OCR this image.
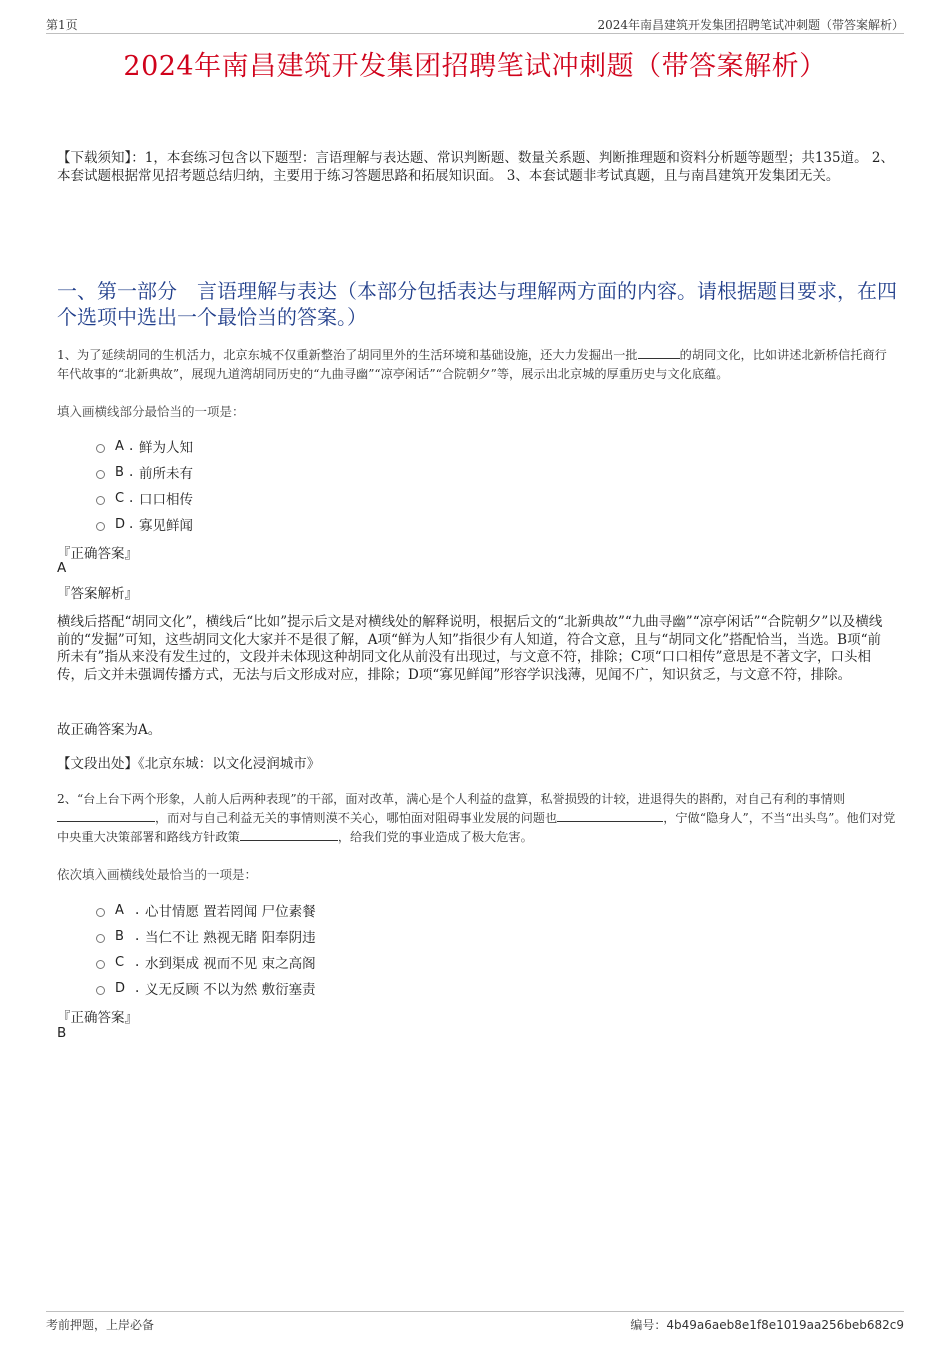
第1页	2024年南昌建筑开发集团招聘笔试冲刺题（带答案解析）
2024年南昌建筑开发集团招聘笔试冲刺题（带答案解析）
【下载须知】：1，本套练习包含以下题型：言语理解与表达题、常识判断题、数量关系题、判断推理题和资料分析题等题型；共135道。 2、本套试题根据常见招考题总结归纳，主要用于练习答题思路和拓展知识面。 3、本套试题非考试真题，且与南昌建筑开发集团无关。
一、第一部分　言语理解与表达（本部分包括表达与理解两方面的内容。请根据题目要求，在四个选项中选出一个最恰当的答案。）
1、为了延续胡同的生机活力，北京东城不仅重新整治了胡同里外的生活环境和基础设施，还大力发掘出一批	的胡同文化，比如讲述北新桥信托商行年代故事的“北新典故”，展现九道湾胡同历史的“九曲寻幽”“凉亭闲话”“合院朝夕”等，展示出北京城的厚重历史与文化底蕴。
填入画横线部分最恰当的一项是：
A . 鲜为人知
B . 前所未有
C . 口口相传
D . 寡见鲜闻
『正确答案』
A
『答案解析』
横线后搭配“胡同文化”，横线后“比如”提示后文是对横线处的解释说明，根据后文的“北新典故”“九曲寻幽”“凉亭闲话”“合院朝夕”以及横线前的“发掘”可知，这些胡同文化大家并不是很了解，A项“鲜为人知”指很少有人知道，符合文意，且与“胡同文化”搭配恰当，当选。B项“前所未有”指从来没有发生过的，文段并未体现这种胡同文化从前没有出现过，与文意不符，排除；C项“口口相传”意思是不著文字，口头相传，后文并未强调传播方式，无法与后文形成对应，排除；D项“寡见鲜闻”形容学识浅薄，见闻不广，知识贫乏，与文意不符，排除。
故正确答案为A。
【文段出处】《北京东城：以文化浸润城市》
2、“台上台下两个形象，人前人后两种表现”的干部，面对改革，满心是个人利益的盘算，私誉损毁的计较，进退得失的斟酌，对自己有利的事情则，而对与自己利益无关的事情则漠不关心，哪怕面对阻碍事业发展的问题也	，宁做“隐身人”，不当“出头鸟”。他们对党中央重大决策部署和路线方针政策	，给我们党的事业造成了极大危害。
依次填入画横线处最恰当的一项是：
A . 心甘情愿 置若罔闻 尸位素餐
B . 当仁不让 熟视无睹 阳奉阴违
C . 水到渠成 视而不见 束之高阁
D . 义无反顾 不以为然 敷衍塞责
『正确答案』
B
考前押题，上岸必备	编号：4b49a6aeb8e1f8e1019aa256beb682c9
